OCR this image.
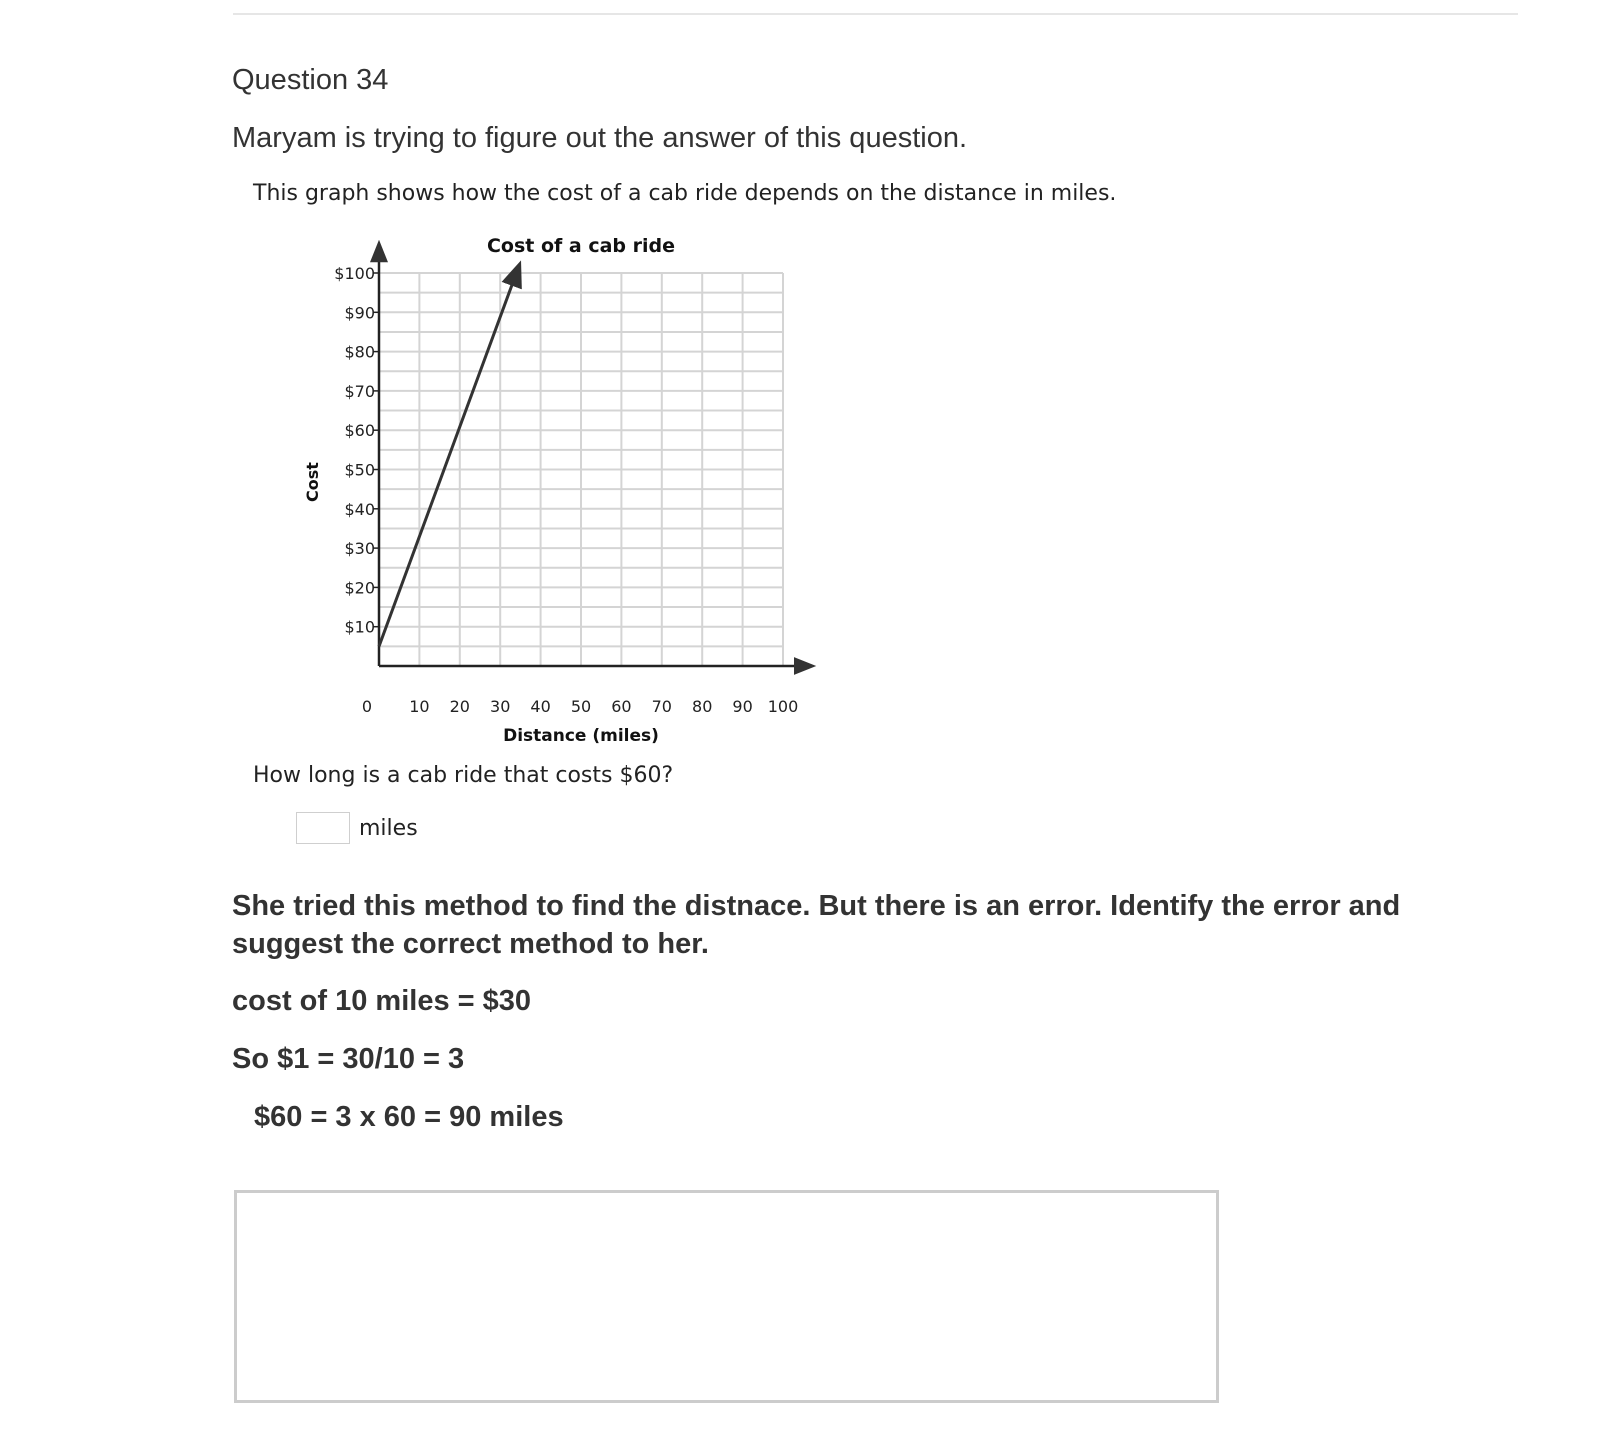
Question 34
Maryam is trying to figure out the answer of this question.
This graph shows how the cost of a cab ride depends on the distance in miles.
$10
$20
$30
$40
$50
$60
$70
$80
$90
$100
0 10 20 30 40 50 60 70 80 90 100
Cost of a cab ride
Distance (miles)
Cost
How long is a cab ride that costs $60?
miles
She tried this method to find the distnace. But there is an error. Identify the error and suggest the correct method to her.
cost of 10 miles = $30
So $1 = 30/10 = 3
$60 = 3 x 60 = 90 miles
